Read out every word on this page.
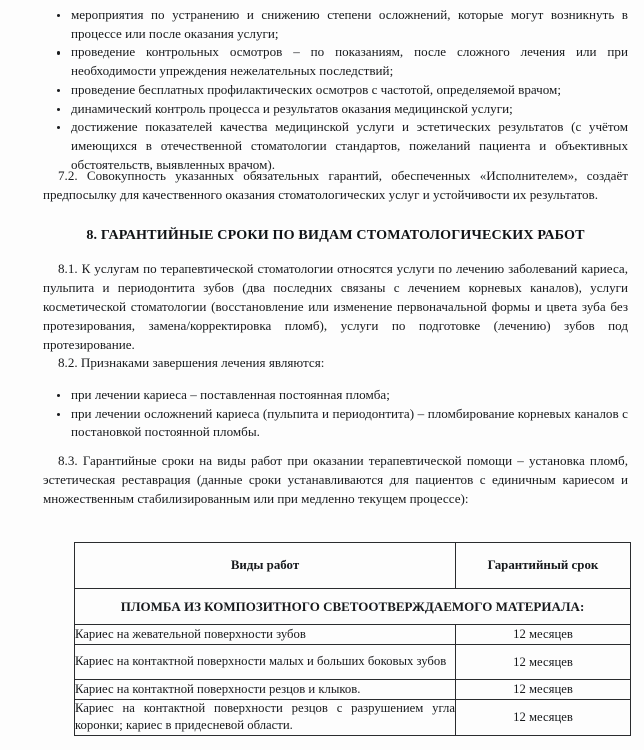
мероприятия по устранению и снижению степени осложнений, которые могут возникнуть в процессе или после оказания услуги;
проведение контрольных осмотров – по показаниям, после сложного лечения или при необходимости упреждения нежелательных последствий;
проведение бесплатных профилактических осмотров с частотой, определяемой врачом;
динамический контроль процесса и результатов оказания медицинской услуги;
достижение показателей качества медицинской услуги и эстетических результатов (с учётом имеющихся в отечественной стоматологии стандартов, пожеланий пациента и объективных обстоятельств, выявленных врачом).

7.2. Совокупность указанных обязательных гарантий, обеспеченных «Исполнителем», создаёт предпосылку для качественного оказания стоматологических услуг и устойчивости их результатов.

8. ГАРАНТИЙНЫЕ СРОКИ ПО ВИДАМ СТОМАТОЛОГИЧЕСКИХ РАБОТ

8.1. К услугам по терапевтической стоматологии относятся услуги по лечению заболеваний кариеса, пульпита и периодонтита зубов (два последних связаны с лечением корневых каналов), услуги косметической стоматологии (восстановление или изменение первоначальной формы и цвета зуба без протезирования, замена/корректировка пломб), услуги по подготовке (лечению) зубов под протезирование.

8.2. Признаками завершения лечения являются:

при лечении кариеса – поставленная постоянная пломба;
при лечении осложнений кариеса (пульпита и периодонтита) – пломбирование корневых каналов с постановкой постоянной пломбы.

8.3. Гарантийные сроки на виды работ при оказании терапевтической помощи – установка пломб, эстетическая реставрация (данные сроки устанавливаются для пациентов с единичным кариесом и множественным стабилизированным или при медленно текущем процессе):

Виды работ	Гарантийный срок
ПЛОМБА ИЗ КОМПОЗИТНОГО СВЕТООТВЕРЖДАЕМОГО МАТЕРИАЛА:	
Кариес на жевательной поверхности зубов	12 месяцев
Кариес на контактной поверхности малых и больших боковых зубов	12 месяцев
Кариес на контактной поверхности резцов и клыков.	12 месяцев
Кариес на контактной поверхности резцов с разрушением угла коронки; кариес в придесневой области.	12 месяцев
